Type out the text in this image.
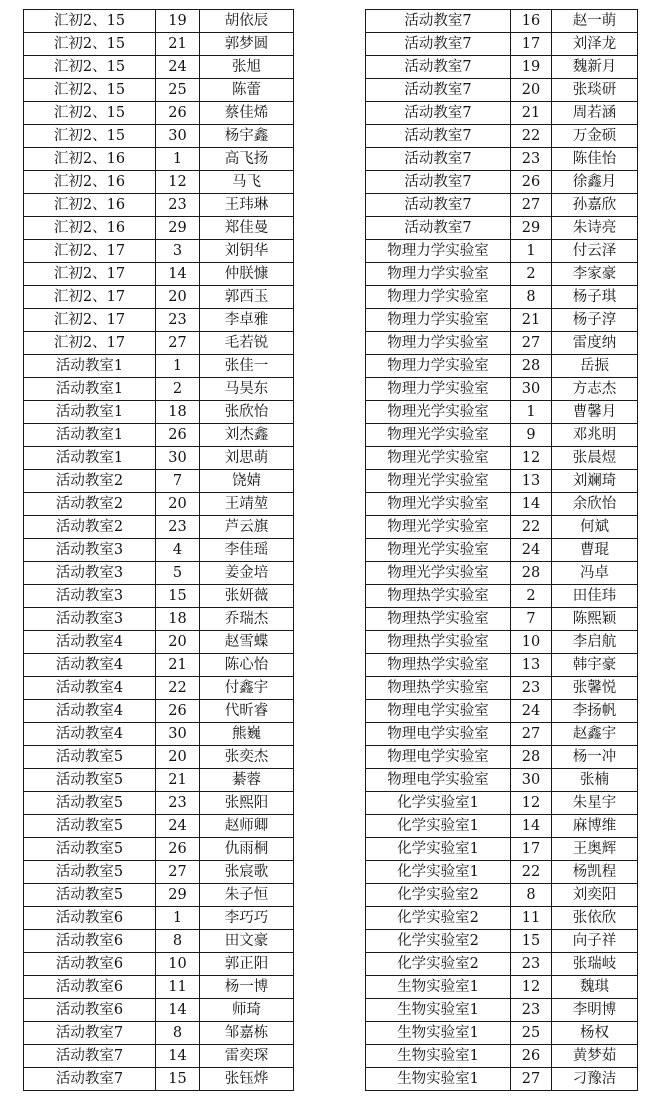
汇初2、15	19	胡依辰
汇初2、15	21	郭梦圆
汇初2、15	24	张旭
汇初2、15	25	陈蕾
汇初2、15	26	蔡佳烯
汇初2、15	30	杨宇鑫
汇初2、16	1	高飞扬
汇初2、16	12	马飞
汇初2、16	23	王玮琳
汇初2、16	29	郑佳曼
汇初2、17	3	刘钥华
汇初2、17	14	仲朕慷
汇初2、17	20	郭西玉
汇初2、17	23	李卓雅
汇初2、17	27	毛若锐
活动教室1	1	张佳一
活动教室1	2	马昊东
活动教室1	18	张欣怡
活动教室1	26	刘杰鑫
活动教室1	30	刘思萌
活动教室2	7	饶婧
活动教室2	20	王靖堃
活动教室2	23	芦云旗
活动教室3	4	李佳瑶
活动教室3	5	姜金培
活动教室3	15	张妍薇
活动教室3	18	乔瑞杰
活动教室4	20	赵雪蝶
活动教室4	21	陈心怡
活动教室4	22	付鑫宇
活动教室4	26	代昕睿
活动教室4	30	熊巍
活动教室5	20	张奕杰
活动教室5	21	綦蓉
活动教室5	23	张熙阳
活动教室5	24	赵师卿
活动教室5	26	仇雨桐
活动教室5	27	张宸歌
活动教室5	29	朱子恒
活动教室6	1	李巧巧
活动教室6	8	田文豪
活动教室6	10	郭正阳
活动教室6	11	杨一博
活动教室6	14	师琦
活动教室7	8	邹嘉栋
活动教室7	14	雷奕琛
活动教室7	15	张钰烨
活动教室7	16	赵一萌
活动教室7	17	刘泽龙
活动教室7	19	魏新月
活动教室7	20	张琰研
活动教室7	21	周若涵
活动教室7	22	万金硕
活动教室7	23	陈佳怡
活动教室7	26	徐鑫月
活动教室7	27	孙嘉欣
活动教室7	29	朱诗亮
物理力学实验室	1	付云泽
物理力学实验室	2	李家豪
物理力学实验室	8	杨子琪
物理力学实验室	21	杨子淳
物理力学实验室	27	雷度纳
物理力学实验室	28	岳振
物理力学实验室	30	方志杰
物理光学实验室	1	曹馨月
物理光学实验室	9	邓兆明
物理光学实验室	12	张晨煜
物理光学实验室	13	刘斓琦
物理光学实验室	14	余欣怡
物理光学实验室	22	何斌
物理光学实验室	24	曹琨
物理光学实验室	28	冯卓
物理热学实验室	2	田佳玮
物理热学实验室	7	陈熙颖
物理热学实验室	10	李启航
物理热学实验室	13	韩宇豪
物理热学实验室	23	张馨悦
物理电学实验室	24	李扬帆
物理电学实验室	27	赵鑫宇
物理电学实验室	28	杨一冲
物理电学实验室	30	张楠
化学实验室1	12	朱星宇
化学实验室1	14	麻博维
化学实验室1	17	王奥辉
化学实验室1	22	杨凯程
化学实验室2	8	刘奕阳
化学实验室2	11	张依欣
化学实验室2	15	向子祥
化学实验室2	23	张瑞岐
生物实验室1	12	魏琪
生物实验室1	23	李明博
生物实验室1	25	杨权
生物实验室1	26	黄梦茹
生物实验室1	27	刁豫洁
